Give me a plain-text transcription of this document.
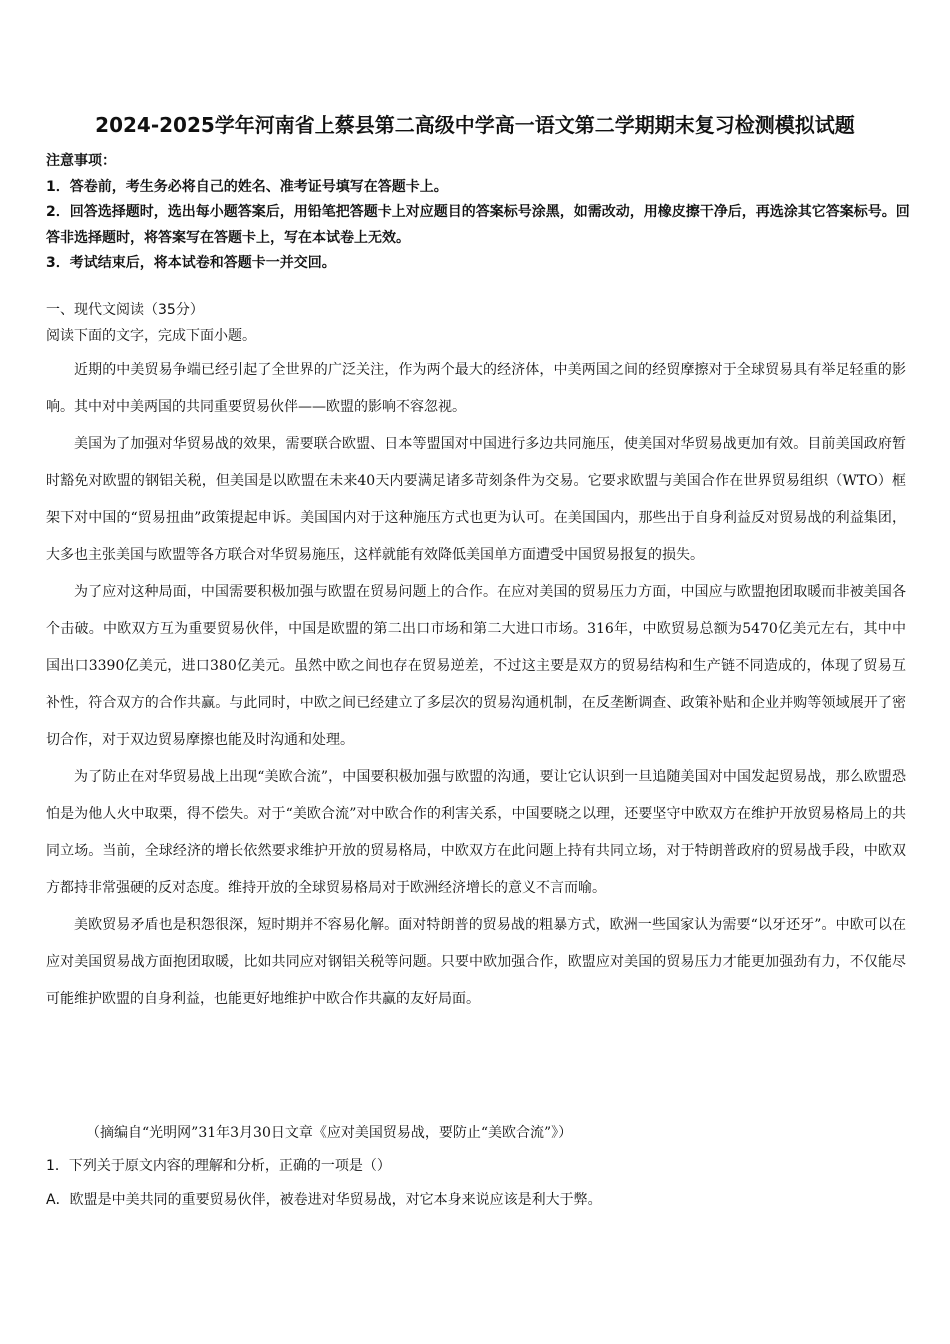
2024-2025学年河南省上蔡县第二高级中学高一语文第二学期期末复习检测模拟试题

注意事项：

1．答卷前，考生务必将自己的姓名、准考证号填写在答题卡上。

2．回答选择题时，选出每小题答案后，用铅笔把答题卡上对应题目的答案标号涂黑，如需改动，用橡皮擦干净后，再选涂其它答案标号。回答非选择题时，将答案写在答题卡上，写在本试卷上无效。

3．考试结束后，将本试卷和答题卡一并交回。

一、现代文阅读（35分）
阅读下面的文字，完成下面小题。

近期的中美贸易争端已经引起了全世界的广泛关注，作为两个最大的经济体，中美两国之间的经贸摩擦对于全球贸易具有举足轻重的影响。其中对中美两国的共同重要贸易伙伴——欧盟的影响不容忽视。

美国为了加强对华贸易战的效果，需要联合欧盟、日本等盟国对中国进行多边共同施压，使美国对华贸易战更加有效。目前美国政府暂时豁免对欧盟的钢铝关税，但美国是以欧盟在未来40天内要满足诸多苛刻条件为交易。它要求欧盟与美国合作在世界贸易组织（WTO）框架下对中国的“贸易扭曲”政策提起申诉。美国国内对于这种施压方式也更为认可。在美国国内，那些出于自身利益反对贸易战的利益集团，大多也主张美国与欧盟等各方联合对华贸易施压，这样就能有效降低美国单方面遭受中国贸易报复的损失。

为了应对这种局面，中国需要积极加强与欧盟在贸易问题上的合作。在应对美国的贸易压力方面，中国应与欧盟抱团取暖而非被美国各个击破。中欧双方互为重要贸易伙伴，中国是欧盟的第二出口市场和第二大进口市场。316年，中欧贸易总额为5470亿美元左右，其中中国出口3390亿美元，进口380亿美元。虽然中欧之间也存在贸易逆差，不过这主要是双方的贸易结构和生产链不同造成的，体现了贸易互补性，符合双方的合作共赢。与此同时，中欧之间已经建立了多层次的贸易沟通机制，在反垄断调查、政策补贴和企业并购等领域展开了密切合作，对于双边贸易摩擦也能及时沟通和处理。

为了防止在对华贸易战上出现“美欧合流”，中国要积极加强与欧盟的沟通，要让它认识到一旦追随美国对中国发起贸易战，那么欧盟恐怕是为他人火中取栗，得不偿失。对于“美欧合流”对中欧合作的利害关系，中国要晓之以理，还要坚守中欧双方在维护开放贸易格局上的共同立场。当前，全球经济的增长依然要求维护开放的贸易格局，中欧双方在此问题上持有共同立场，对于特朗普政府的贸易战手段，中欧双方都持非常强硬的反对态度。维持开放的全球贸易格局对于欧洲经济增长的意义不言而喻。

美欧贸易矛盾也是积怨很深，短时期并不容易化解。面对特朗普的贸易战的粗暴方式，欧洲一些国家认为需要“以牙还牙”。中欧可以在应对美国贸易战方面抱团取暖，比如共同应对钢铝关税等问题。只要中欧加强合作，欧盟应对美国的贸易压力才能更加强劲有力，不仅能尽可能维护欧盟的自身利益，也能更好地维护中欧合作共赢的友好局面。

（摘编自“光明网”31年3月30日文章《应对美国贸易战，要防止“美欧合流”》）
1．下列关于原文内容的理解和分析，正确的一项是（）
A．欧盟是中美共同的重要贸易伙伴，被卷进对华贸易战，对它本身来说应该是利大于弊。
